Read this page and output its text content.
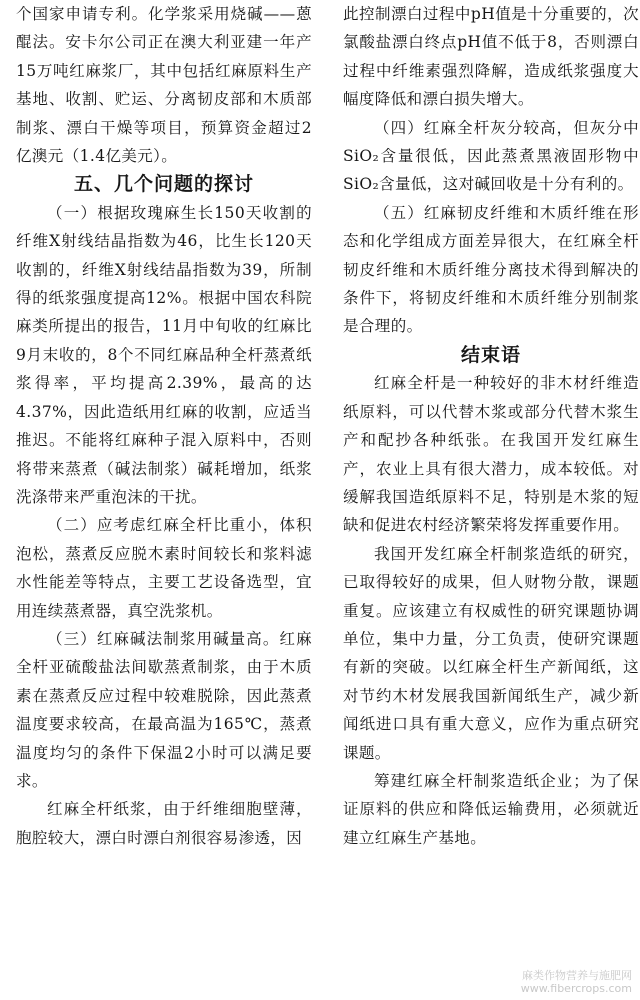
个国家申请专利。化学浆采用烧碱——蒽醌法。安卡尔公司正在澳大利亚建一年产15万吨红麻浆厂，其中包括红麻原料生产基地、收割、贮运、分离韧皮部和木质部制浆、漂白干燥等项目，预算资金超过2亿澳元（1.4亿美元）。

五、几个问题的探讨

（一）根据玫瑰麻生长150天收割的纤维X射线结晶指数为46，比生长120天收割的，纤维X射线结晶指数为39，所制得的纸浆强度提高12%。根据中国农科院麻类所提出的报告，11月中旬收的红麻比9月末收的，8个不同红麻品种全杆蒸煮纸浆得率，平均提高2.39%，最高的达4.37%，因此造纸用红麻的收割，应适当推迟。不能将红麻种子混入原料中，否则将带来蒸煮（碱法制浆）碱耗增加，纸浆洗涤带来严重泡沫的干扰。

（二）应考虑红麻全杆比重小，体积泡松，蒸煮反应脱木素时间较长和浆料滤水性能差等特点，主要工艺设备选型，宜用连续蒸煮器，真空洗浆机。

（三）红麻碱法制浆用碱量高。红麻全杆亚硫酸盐法间歇蒸煮制浆，由于木质素在蒸煮反应过程中较难脱除，因此蒸煮温度要求较高，在最高温为165℃，蒸煮温度均匀的条件下保温2小时可以满足要求。

红麻全杆纸浆，由于纤维细胞壁薄，胞腔较大，漂白时漂白剂很容易渗透，因

此控制漂白过程中pH值是十分重要的，次氯酸盐漂白终点pH值不低于8，否则漂白过程中纤维素强烈降解，造成纸浆强度大幅度降低和漂白损失增大。

（四）红麻全杆灰分较高，但灰分中SiO₂含量很低，因此蒸煮黑液固形物中SiO₂含量低，这对碱回收是十分有利的。

（五）红麻韧皮纤维和木质纤维在形态和化学组成方面差异很大，在红麻全杆韧皮纤维和木质纤维分离技术得到解决的条件下，将韧皮纤维和木质纤维分别制浆是合理的。

结束语

红麻全杆是一种较好的非木材纤维造纸原料，可以代替木浆或部分代替木浆生产和配抄各种纸张。在我国开发红麻生产，农业上具有很大潜力，成本较低。对缓解我国造纸原料不足，特别是木浆的短缺和促进农村经济繁荣将发挥重要作用。

我国开发红麻全杆制浆造纸的研究，已取得较好的成果，但人财物分散，课题重复。应该建立有权威性的研究课题协调单位，集中力量，分工负责，使研究课题有新的突破。以红麻全杆生产新闻纸，这对节约木材发展我国新闻纸生产，减少新闻纸进口具有重大意义，应作为重点研究课题。

筹建红麻全杆制浆造纸企业；为了保证原料的供应和降低运输费用，必须就近建立红麻生产基地。

麻类作物营养与施肥网
www.fibercrops.com
